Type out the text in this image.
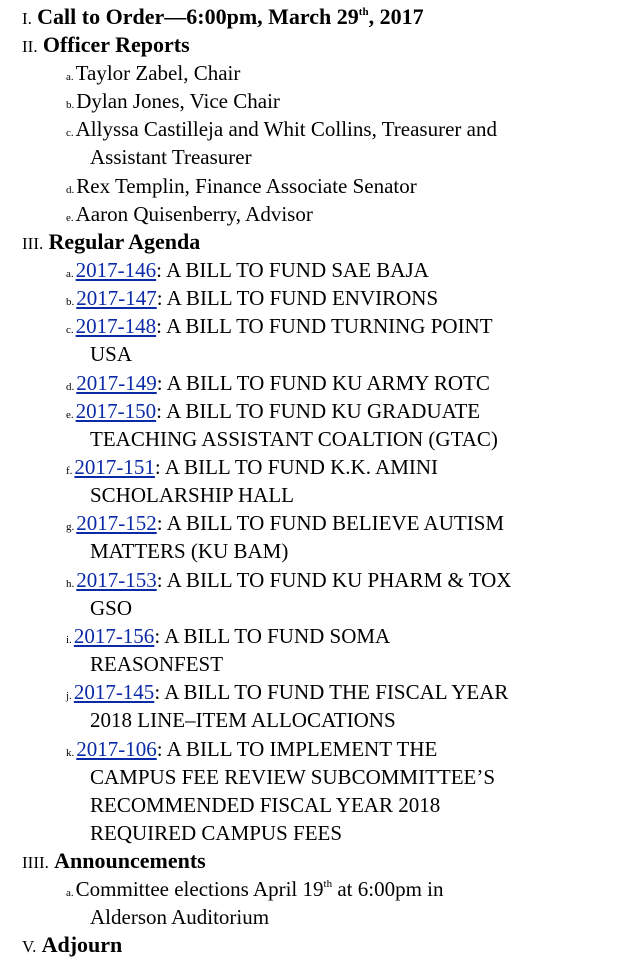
I. Call to Order—6:00pm, March 29th, 2017
II. Officer Reports
a.Taylor Zabel, Chair
b.Dylan Jones, Vice Chair
c.Allyssa Castilleja and Whit Collins, Treasurer and
Assistant Treasurer
d.Rex Templin, Finance Associate Senator
e.Aaron Quisenberry, Advisor
III. Regular Agenda
a.2017-146: A BILL TO FUND SAE BAJA
b.2017-147: A BILL TO FUND ENVIRONS
c.2017-148: A BILL TO FUND TURNING POINT
USA
d.2017-149: A BILL TO FUND KU ARMY ROTC
e.2017-150: A BILL TO FUND KU GRADUATE
TEACHING ASSISTANT COALTION (GTAC)
f.2017-151: A BILL TO FUND K.K. AMINI
SCHOLARSHIP HALL
g.2017-152: A BILL TO FUND BELIEVE AUTISM
MATTERS (KU BAM)
h.2017-153: A BILL TO FUND KU PHARM & TOX
GSO
i.2017-156: A BILL TO FUND SOMA
REASONFEST
j.2017-145: A BILL TO FUND THE FISCAL YEAR
2018 LINE–ITEM ALLOCATIONS
k.2017-106: A BILL TO IMPLEMENT THE
CAMPUS FEE REVIEW SUBCOMMITTEE’S
RECOMMENDED FISCAL YEAR 2018
REQUIRED CAMPUS FEES
IIII. Announcements
a.Committee elections April 19th at 6:00pm in
Alderson Auditorium
V. Adjourn
